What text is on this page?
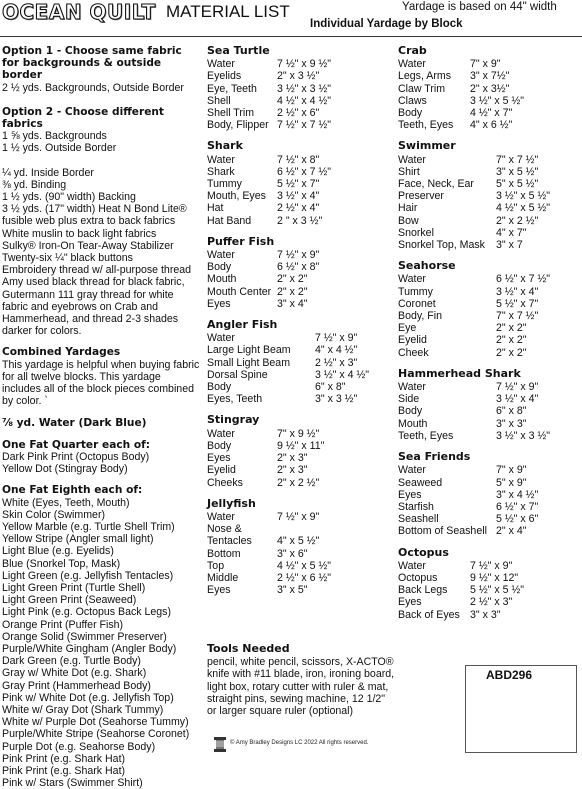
OCEAN QUILT MATERIAL LIST	Yardage is based on 44" width
Individual Yardage by Block
Option 1 - Choose same fabric for backgrounds & outside border
2 ½ yds. Backgrounds, Outside Border
Option 2 - Choose different fabrics
1 ⅝ yds. Backgrounds
1 ½ yds. Outside Border
¼ yd. Inside Border
⅜ yd. Binding
1 ½ yds. (90" width) Backing
3 ½ yds. (17" width) Heat N Bond Lite® fusible web plus extra to back fabrics
White muslin to back light fabrics
Sulky® Iron-On Tear-Away Stabilizer
Twenty-six ¼" black buttons
Embroidery thread w/ all-purpose thread
Amy used black thread for black fabric, Gutermann 111 gray thread for white fabric and eyebrows on Crab and Hammerhead, and thread 2-3 shades darker for colors.
Combined Yardages
This yardage is helpful when buying fabric for all twelve blocks. This yardage includes all of the block pieces combined by color. `
⅞ yd. Water (Dark Blue)
One Fat Quarter each of:
Dark Pink Print (Octopus Body)
Yellow Dot (Stingray Body)
One Fat Eighth each of:
White (Eyes, Teeth, Mouth)
Skin Color (Swimmer)
Yellow Marble (e.g. Turtle Shell Trim)
Yellow Stripe (Angler small light)
Light Blue (e.g. Eyelids)
Blue (Snorkel Top, Mask)
Light Green (e.g. Jellyfish Tentacles)
Light Green Print (Turtle Shell)
Light Green Print (Seaweed)
Light Pink (e.g. Octopus Back Legs)
Orange Print (Puffer Fish)
Orange Solid (Swimmer Preserver)
Purple/White Gingham (Angler Body)
Dark Green (e.g. Turtle Body)
Gray w/ White Dot (e.g. Shark)
Gray Print (Hammerhead Body)
Pink w/ White Dot (e.g. Jellyfish Top)
White w/ Gray Dot (Shark Tummy)
White w/ Purple Dot (Seahorse Tummy)
Purple/White Stripe (Seahorse Coronet)
Purple Dot (e.g. Seahorse Body)
Pink Print (e.g. Shark Hat)
Pink Print (e.g. Shark Hat)
Pink w/ Stars (Swimmer Shirt)
Sea Turtle
Water	7 ½" x 9 ½"
Eyelids	2" x 3 ½"
Eye, Teeth	3 ½" x 3 ½"
Shell	4 ½" x 4 ½"
Shell Trim	2 ½" x 6"
Body, Flipper 7 ½" x 7 ½"
Shark
Water	7 ½" x 8"
Shark	6 ½" x 7 ½"
Tummy	5 ½" x 7"
Mouth, Eyes	3 ½" x 4"
Hat	2 ½" x 4"
Hat Band	2 " x 3 ½"
Puffer Fish
Water	7 ½" x 9"
Body	6 ½" x 8"
Mouth	2" x 2"
Mouth Center 2" x 2"
Eyes	3" x 4"
Angler Fish
Water	7 ½" x 9"
Large Light Beam	4" x 4 ½"
Small Light Beam	2 ½" x 3"
Dorsal Spine	3 ½" x 4 ½"
Body	6" x 8"
Eyes, Teeth	3" x 3 ½"
Stingray
Water	7" x 9 ½"
Body	9 ½" x 11"
Eyes	2" x 3"
Eyelid	2" x 3"
Cheeks	2" x 2 ½"
Jellyfish
Water	7 ½" x 9"
Nose &
Tentacles	4" x 5 ½"
Bottom	3" x 6"
Top	4 ½" x 5 ½"
Middle	2 ½" x 6 ½"
Eyes	3" x 5"
Crab
Water	7" x 9"
Legs, Arms	3" x 7½"
Claw Trim	2" x 3½"
Claws	3 ½" x 5 ½"
Body	4 ½" x 7"
Teeth, Eyes	4" x 6 ½"
Swimmer
Water	7" x 7 ½"
Shirt	3" x 5 ½"
Face, Neck, Ear	5" x 5 ½"
Preserver	3 ½" x 5 ½"
Hair	4 ½" x 5 ½"
Bow	2" x 2 ½"
Snorkel	4" x 7"
Snorkel Top, Mask	3" x 7
Seahorse
Water	6 ½" x 7 ½"
Tummy	3 ½" x 4"
Coronet	5 ½" x 7"
Body, Fin	7" x 7 ½"
Eye	2" x 2"
Eyelid	2" x 2"
Cheek	2" x 2"
Hammerhead Shark
Water	7 ½" x 9"
Side	3 ½" x 4"
Body	6" x 8"
Mouth	3" x 3"
Teeth, Eyes	3 ½" x 3 ½"
Sea Friends
Water	7" x 9"
Seaweed	5" x 9"
Eyes	3" x 4 ½"
Starfish	6 ½" x 7"
Seashell	5 ½" x 6"
Bottom of Seashell 2" x 4"
Octopus
Water	7 ½" x 9"
Octopus	9 ½" x 12"
Back Legs	5 ½" x 5 ½"
Eyes	2 ½" x 3"
Back of Eyes 3" x 3"
Tools Needed
pencil, white pencil, scissors, X-ACTO® knife with #11 blade, iron, ironing board, light box, rotary cutter with ruler & mat, straight pins, sewing machine, 12 1/2" or larger square ruler (optional)
ABD296
© Amy Bradley Designs LC 2022 All rights reserved.
